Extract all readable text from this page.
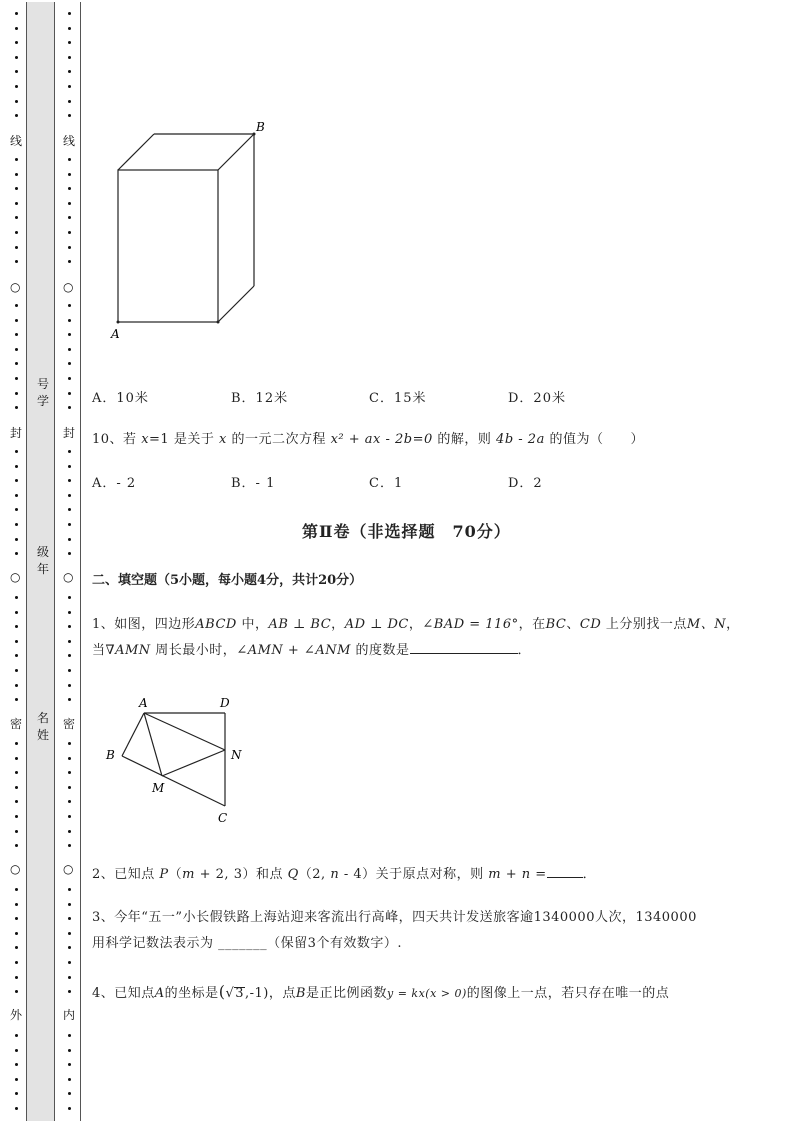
线
○
封
○
密
○
外
线
○
封
○
密
○
内
号
学
级
年
名
姓
A
B
A．10米	B．12米	C．15米	D．20米
10、若 x=1 是关于 x 的一元二次方程 x² + ax - 2b=0 的解，则 4b - 2a 的值为（　　）
A．- 2	B．- 1	C．1	D．2
第Ⅱ卷（非选择题　70分）
二、填空题（5小题，每小题4分，共计20分）
1、如图，四边形ABCD 中，AB ⊥ BC，AD ⊥ DC，∠BAD = 116°，在BC、CD 上分别找一点M、N，
当∇AMN 周长最小时，∠AMN + ∠ANM 的度数是	．
A	D
B	N
M
C
2、已知点 P（m + 2, 3）和点 Q（2, n - 4）关于原点对称，则 m + n =	．
3、今年“五一”小长假铁路上海站迎来客流出行高峰，四天共计发送旅客逾1340000人次，1340000
用科学记数法表示为 _______（保留3个有效数字）.
4、已知点A的坐标是(√3,-1)，点B是正比例函数y = kx(x > 0)的图像上一点，若只存在唯一的点
